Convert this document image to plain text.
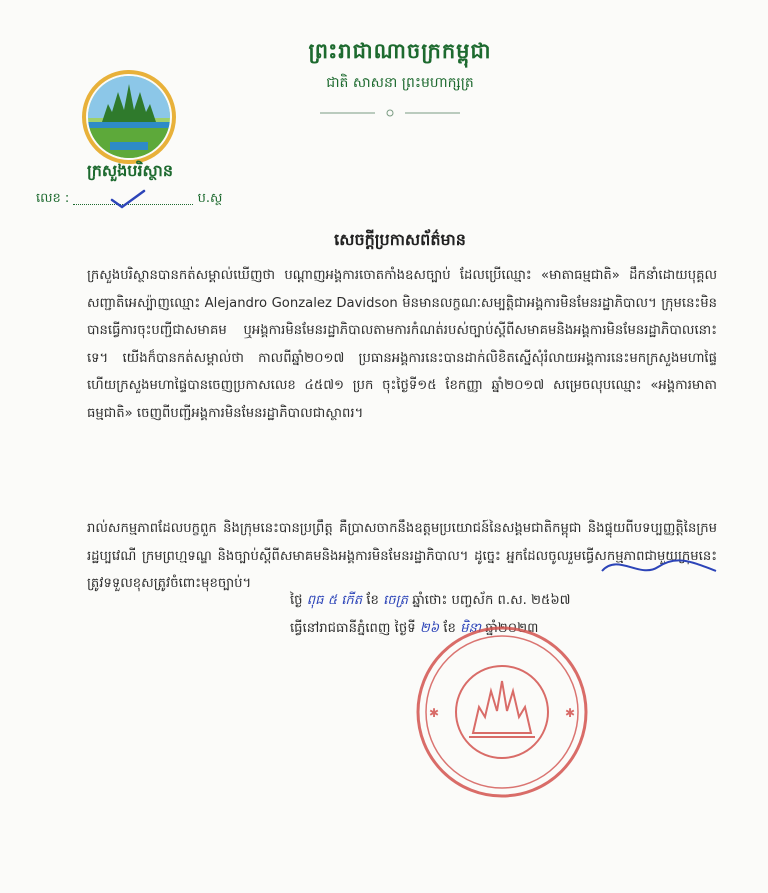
ព្រះរាជាណាចក្រកម្ពុជា
ជាតិ សាសនា ព្រះមហាក្សត្រ
ក្រសួងបរិស្ថាន
លេខ :	ប.ស្ថ
សេចក្តីប្រកាសព័ត៌មាន
ក្រសួងបរិស្ថានបានកត់សម្គាល់ឃើញថា បណ្តាញអង្គការចោតកាំងឧសច្បាប់ ដែលប្រើឈ្មោះ «មាតាធម្មជាតិ» ដឹកនាំដោយបុគ្គលសញ្ជាតិអេស្ប៉ាញឈ្មោះ Alejandro Gonzalez Davidson មិនមានលក្ខណៈសម្បត្តិជាអង្គការមិនមែនរដ្ឋាភិបាល។ ក្រុមនេះមិនបានធ្វើការចុះបញ្ជីជាសមាគម ឬអង្គការមិនមែនរដ្ឋាភិបាលតាមការកំណត់របស់ច្បាប់ស្តីពីសមាគមនិងអង្គការមិនមែនរដ្ឋាភិបាលនោះទេ។ យើងក៏បានកត់សម្គាល់ថា កាលពីឆ្នាំ២០១៧ ប្រធានអង្គការនេះបានដាក់លិខិតស្នើសុំរំលាយអង្គការនេះមកក្រសួងមហាផ្ទៃ ហើយក្រសួងមហាផ្ទៃបានចេញប្រកាសលេខ ៤៥៧១ ប្រក ចុះថ្ងៃទី១៥ ខែកញ្ញា ឆ្នាំ២០១៧ សម្រេចលុបឈ្មោះ «អង្គការមាតាធម្មជាតិ» ចេញពីបញ្ជីអង្គការមិនមែនរដ្ឋាភិបាលជាស្ថាពរ។
រាល់សកម្មភាពដែលបក្ខពួក និងក្រុមនេះបានប្រព្រឹត្ត គឺប្រាសចាកនឹងឧត្តមប្រយោជន៍នៃសង្គមជាតិកម្ពុជា និងផ្ទុយពីបទប្បញ្ញត្តិនៃក្រមរដ្ឋប្បវេណី ក្រមព្រហ្មទណ្ឌ និងច្បាប់ស្តីពីសមាគមនិងអង្គការមិនមែនរដ្ឋាភិបាល។ ដូច្នេះ អ្នកដែលចូលរួមធ្វើសកម្មភាពជាមួយក្រុមនេះ ត្រូវទទួលខុសត្រូវចំពោះមុខច្បាប់។
ថ្ងៃ ពុធ ៥ កើត ខែ ចេត្រ ឆ្នាំថោះ បញ្ចស័ក ព.ស. ២៥៦៧
ធ្វើនៅរាជធានីភ្នំពេញ ថ្ងៃទី ២៦ ខែ មិនា ឆ្នាំ២០២៣
✱	✱
